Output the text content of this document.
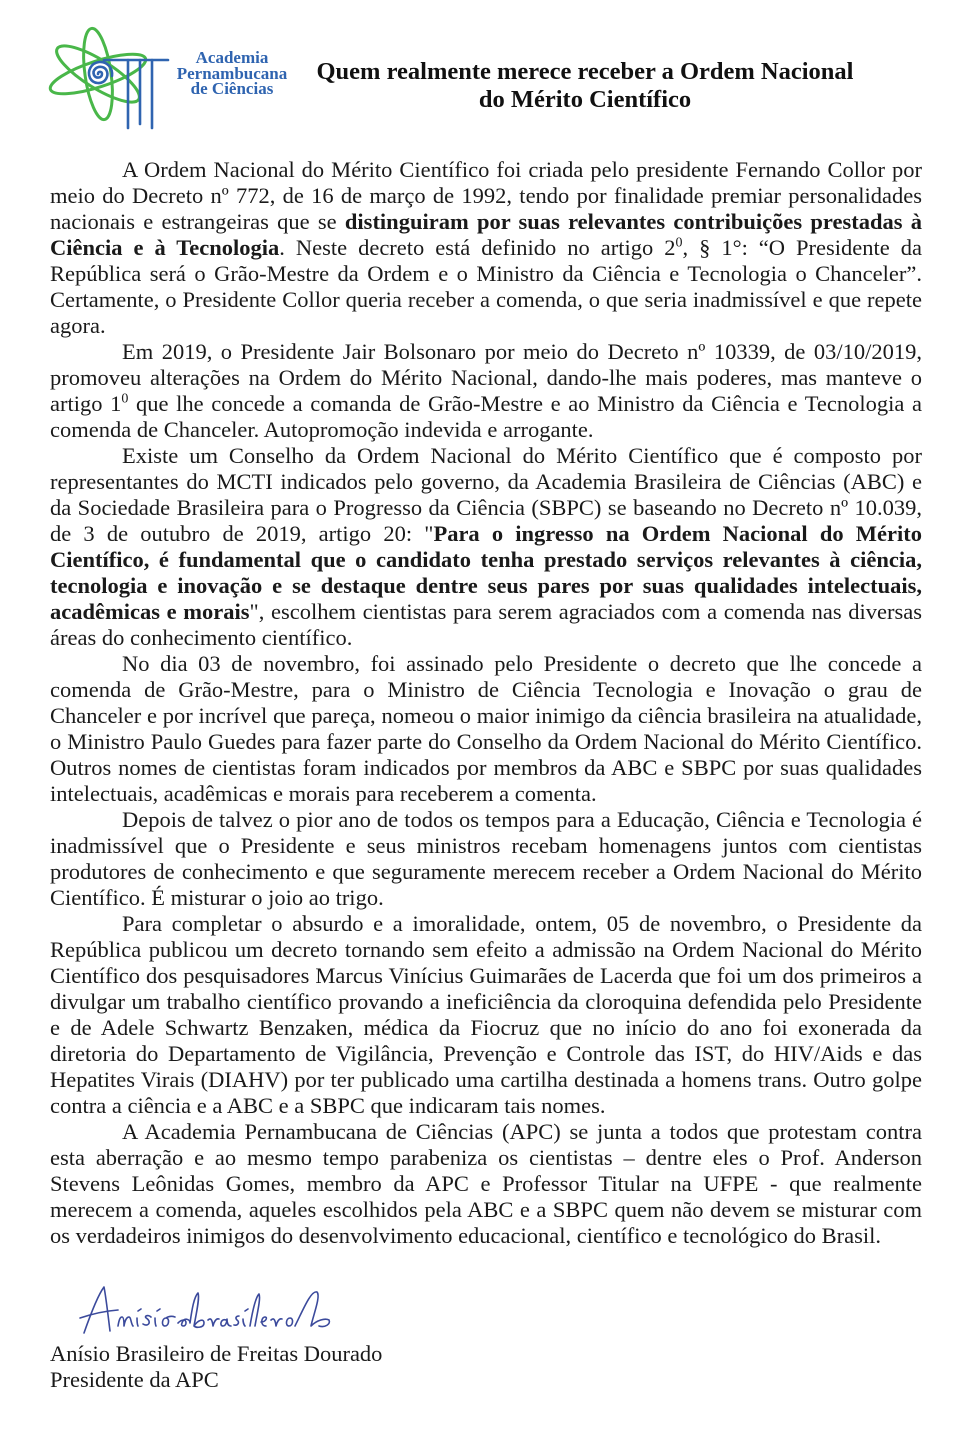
Academia
Pernambucana
de Ciências
Quem realmente merece receber a Ordem Nacional
do Mérito Científico

A Ordem Nacional do Mérito Científico foi criada pelo presidente Fernando Collor por meio do Decreto nº 772, de 16 de março de 1992, tendo por finalidade premiar personalidades nacionais e estrangeiras que se distinguiram por suas relevantes contribuições prestadas à Ciência e à Tecnologia. Neste decreto está definido no artigo $2^0$, § 1°: “O Presidente da República será o Grão-Mestre da Ordem e o Ministro da Ciência e Tecnologia o Chanceler”. Certamente, o Presidente Collor queria receber a comenda, o que seria inadmissível e que repete agora.

Em 2019, o Presidente Jair Bolsonaro por meio do Decreto nº 10339, de 03/10/2019, promoveu alterações na Ordem do Mérito Nacional, dando-lhe mais poderes, mas manteve o artigo $1^0$ que lhe concede a comanda de Grão-Mestre e ao Ministro da Ciência e Tecnologia a comenda de Chanceler. Autopromoção indevida e arrogante.

Existe um Conselho da Ordem Nacional do Mérito Científico que é composto por representantes do MCTI indicados pelo governo, da Academia Brasileira de Ciências (ABC) e da Sociedade Brasileira para o Progresso da Ciência (SBPC) se baseando no Decreto nº 10.039, de 3 de outubro de 2019, artigo 20: "Para o ingresso na Ordem Nacional do Mérito Científico, é fundamental que o candidato tenha prestado serviços relevantes à ciência, tecnologia e inovação e se destaque dentre seus pares por suas qualidades intelectuais, acadêmicas e morais", escolhem cientistas para serem agraciados com a comenda nas diversas áreas do conhecimento científico.

No dia 03 de novembro, foi assinado pelo Presidente o decreto que lhe concede a comenda de Grão-Mestre, para o Ministro de Ciência Tecnologia e Inovação o grau de Chanceler e por incrível que pareça, nomeou o maior inimigo da ciência brasileira na atualidade, o Ministro Paulo Guedes para fazer parte do Conselho da Ordem Nacional do Mérito Científico. Outros nomes de cientistas foram indicados por membros da ABC e SBPC por suas qualidades intelectuais, acadêmicas e morais para receberem a comenta.

Depois de talvez o pior ano de todos os tempos para a Educação, Ciência e Tecnologia é inadmissível que o Presidente e seus ministros recebam homenagens juntos com cientistas produtores de conhecimento e que seguramente merecem receber a Ordem Nacional do Mérito Científico. É misturar o joio ao trigo.

Para completar o absurdo e a imoralidade, ontem, 05 de novembro, o Presidente da República publicou um decreto tornando sem efeito a admissão na Ordem Nacional do Mérito Científico dos pesquisadores Marcus Vinícius Guimarães de Lacerda que foi um dos primeiros a divulgar um trabalho científico provando a ineficiência da cloroquina defendida pelo Presidente e de Adele Schwartz Benzaken, médica da Fiocruz que no início do ano foi exonerada da diretoria do Departamento de Vigilância, Prevenção e Controle das IST, do HIV/Aids e das Hepatites Virais (DIAHV) por ter publicado uma cartilha destinada a homens trans. Outro golpe contra a ciência e a ABC e a SBPC que indicaram tais nomes.

A Academia Pernambucana de Ciências (APC) se junta a todos que protestam contra esta aberração e ao mesmo tempo parabeniza os cientistas – dentre eles o Prof. Anderson Stevens Leônidas Gomes, membro da APC e Professor Titular na UFPE - que realmente merecem a comenda, aqueles escolhidos pela ABC e a SBPC quem não devem se misturar com os verdadeiros inimigos do desenvolvimento educacional, científico e tecnológico do Brasil.

Anísio Brasileiro de Freitas Dourado
Presidente da APC
